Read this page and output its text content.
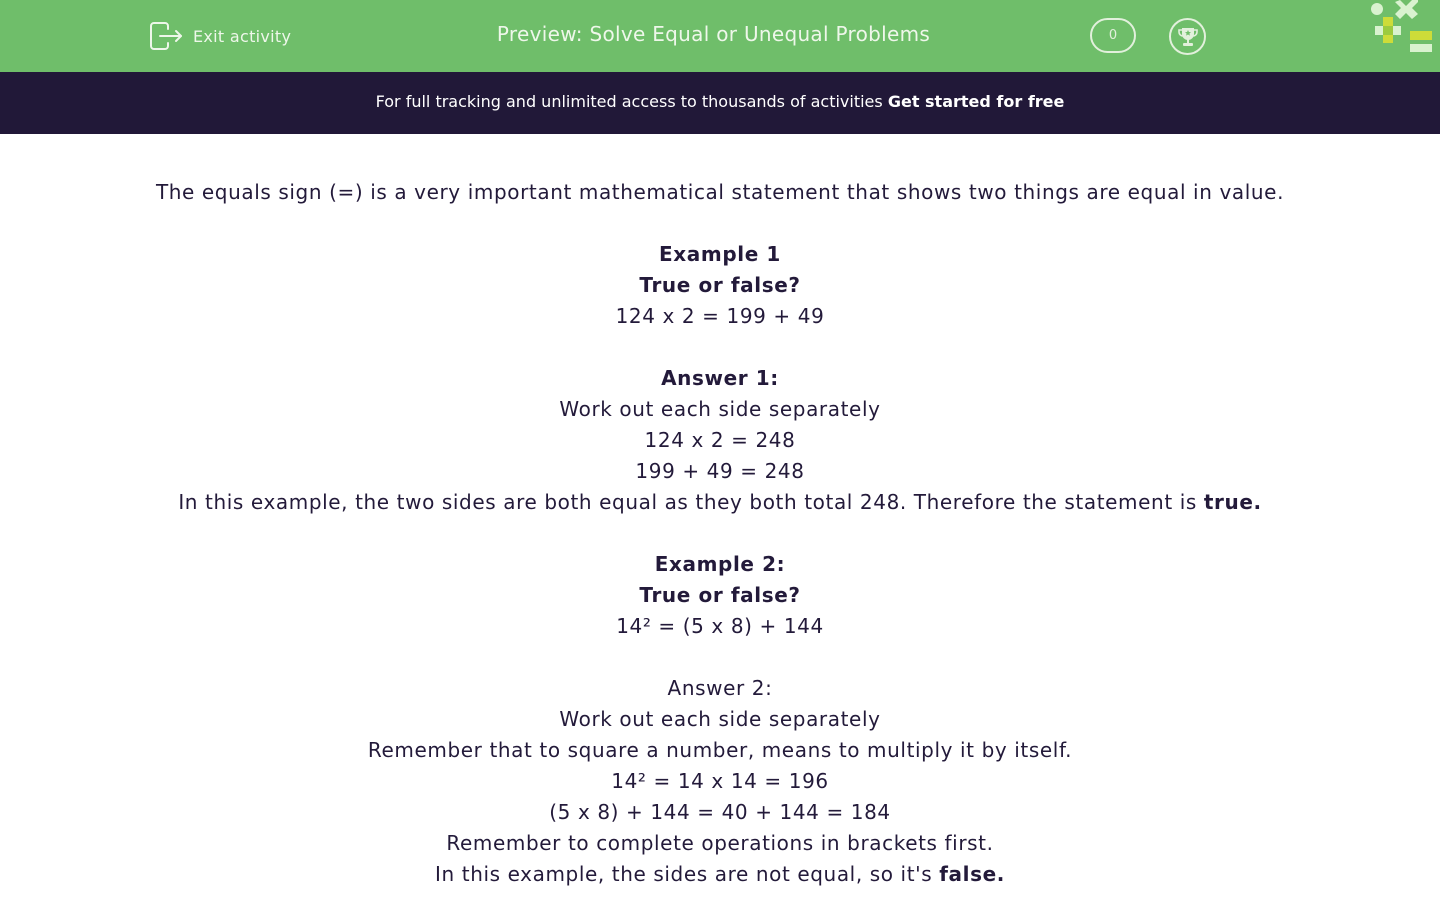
Exit activity	Preview: Solve Equal or Unequal Problems	0
For full tracking and unlimited access to thousands of activities Get started for free
The equals sign (=) is a very important mathematical statement that shows two things are equal in value.
Example 1
True or false?
124 x 2 = 199 + 49
Answer 1:
Work out each side separately
124 x 2 = 248
199 + 49 = 248
In this example, the two sides are both equal as they both total 248. Therefore the statement is true.
Example 2:
True or false?
14² = (5 x 8) + 144
Answer 2:
Work out each side separately
Remember that to square a number, means to multiply it by itself.
14² = 14 x 14 = 196
(5 x 8) + 144 = 40 + 144 = 184
Remember to complete operations in brackets first.
In this example, the sides are not equal, so it's false.
